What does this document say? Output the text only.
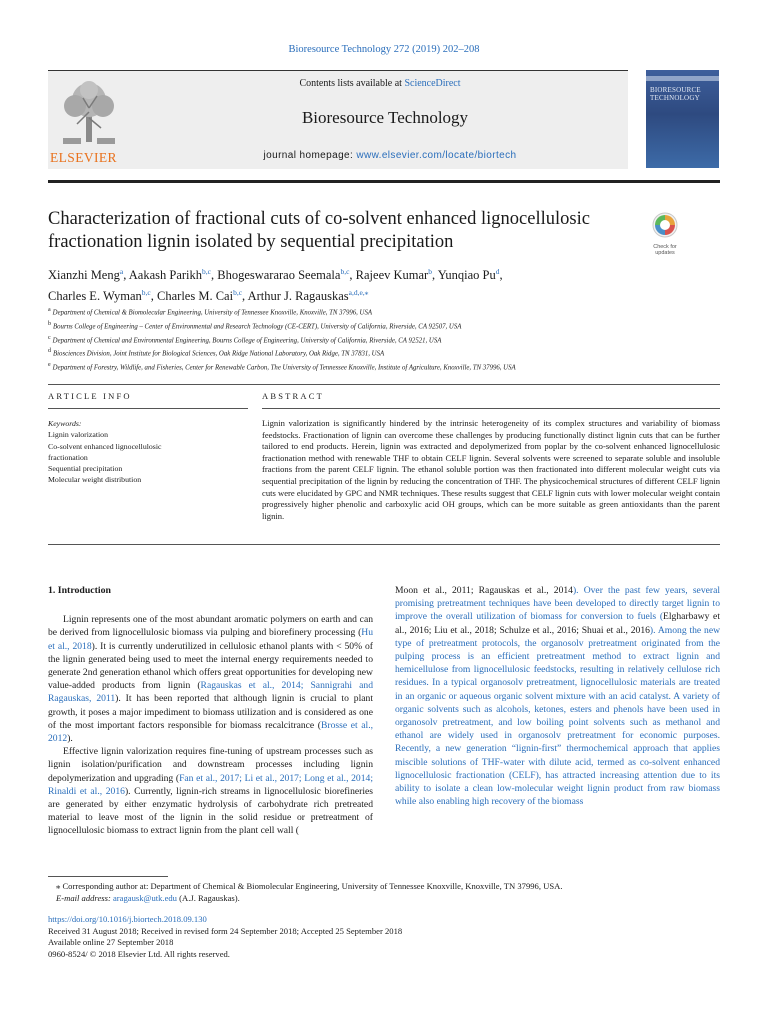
Bioresource Technology 272 (2019) 202–208
ELSEVIER
Contents lists available at ScienceDirect
Bioresource Technology
journal homepage: www.elsevier.com/locate/biortech
BIORESOURCE
TECHNOLOGY
Characterization of fractional cuts of co-solvent enhanced lignocellulosic fractionation lignin isolated by sequential precipitation	Check for
updates
Xianzhi Meng$^a$, Aakash Parikh$^{b,c}$, Bhogeswararao Seemala$^{b,c}$, Rajeev Kumar$^b$, Yunqiao Pu$^d$,
Charles E. Wyman$^{b,c}$, Charles M. Cai$^{b,c}$, Arthur J. Ragauskas$^{a,d,e,⁎}$
$^a$ Department of Chemical & Biomolecular Engineering, University of Tennessee Knoxville, Knoxville, TN 37996, USA
$^b$ Bourns College of Engineering – Center of Environmental and Research Technology (CE-CERT), University of California, Riverside, CA 92507, USA
$^c$ Department of Chemical and Environmental Engineering, Bourns College of Engineering, University of California, Riverside, CA 92521, USA
$^d$ Biosciences Division, Joint Institute for Biological Sciences, Oak Ridge National Laboratory, Oak Ridge, TN 37831, USA
$^e$ Department of Forestry, Wildlife, and Fisheries, Center for Renewable Carbon, The University of Tennessee Knoxville, Institute of Agriculture, Knoxville, TN 37996, USA
ARTICLE INFO	ABSTRACT
Keywords:
Lignin valorization
Co-solvent enhanced lignocellulosic
fractionation
Sequential precipitation
Molecular weight distribution
Lignin valorization is significantly hindered by the intrinsic heterogeneity of its complex structures and variability of biomass feedstocks. Fractionation of lignin can overcome these challenges by producing functionally distinct lignin cuts that can be further tailored to end products. Herein, lignin was extracted and depolymerized from poplar by the co-solvent enhanced lignocellulosic fractionation method with renewable THF to obtain CELF lignin. Several solvents were screened to separate soluble and insoluble fractions from the parent CELF lignin. The ethanol soluble portion was then fractionated into different molecular weight cuts via sequential precipitation of the lignin by reducing the concentration of THF. The physicochemical structures of different CELF lignin cuts were elucidated by GPC and NMR techniques. These results suggest that CELF lignin cuts with lower molecular weight contain progressively higher phenolic and carboxylic acid OH groups, which can be more suitable as green antioxidants than the parent lignin.
1. Introduction

Lignin represents one of the most abundant aromatic polymers on earth and can be derived from lignocellulosic biomass via pulping and biorefinery processing (Hu et al., 2018). It is currently underutilized in cellulosic ethanol plants with < 50% of the lignin generated being used to meet the internal energy requirements needed to generate 2nd generation ethanol which offers great opportunities for developing new value-added products from lignin (Ragauskas et al., 2014; Sannigrahi and Ragauskas, 2011). It has been reported that although lignin is crucial to plant growth, it poses a major impediment to biomass utilization and is considered as one of the most important factors responsible for biomass recalcitrance (Brosse et al., 2012).

Effective lignin valorization requires fine-tuning of upstream processes such as lignin isolation/purification and downstream processes including lignin depolymerization and upgrading (Fan et al., 2017; Li et al., 2017; Long et al., 2014; Rinaldi et al., 2016). Currently, lignin-rich streams in lignocellulosic biorefineries are generated by either enzymatic hydrolysis of carbohydrate rich pretreated material to leave most of the lignin in the solid residue or pretreatment of lignocellulosic biomass to extract lignin from the plant cell wall (

Moon et al., 2011; Ragauskas et al., 2014). Over the past few years, several promising pretreatment techniques have been developed to directly target lignin to improve the overall utilization of biomass for conversion to fuels (Elgharbawy et al., 2016; Liu et al., 2018; Schulze et al., 2016; Shuai et al., 2016). Among the new type of pretreatment protocols, the organosolv pretreatment originated from the pulping process is an efficient pretreatment method to extract lignin and hemicellulose from lignocellulosic feedstocks, resulting in relatively cellulose rich residues. In a typical organosolv pretreatment, lignocellulosic materials are treated in an organic or aqueous organic solvent mixture with an acid catalyst. A variety of organic solvents such as alcohols, ketones, esters and phenols have been used in organosolv pretreatment, and low boiling point solvents such as methanol and ethanol are widely used in organosolv pretreatment for economic purposes. Recently, a new generation “lignin-first” thermochemical approach that applies miscible solutions of THF-water with dilute acid, termed as co-solvent enhanced lignocellulosic fractionation (CELF), has attracted increasing attention due to its ability to isolate a clean low-molecular weight lignin product from raw biomass while also enabling high recovery of the biomass

⁎ Corresponding author at: Department of Chemical & Biomolecular Engineering, University of Tennessee Knoxville, Knoxville, TN 37996, USA.
E-mail address: aragausk@utk.edu (A.J. Ragauskas).
https://doi.org/10.1016/j.biortech.2018.09.130
Received 31 August 2018; Received in revised form 24 September 2018; Accepted 25 September 2018
Available online 27 September 2018
0960-8524/ © 2018 Elsevier Ltd. All rights reserved.
